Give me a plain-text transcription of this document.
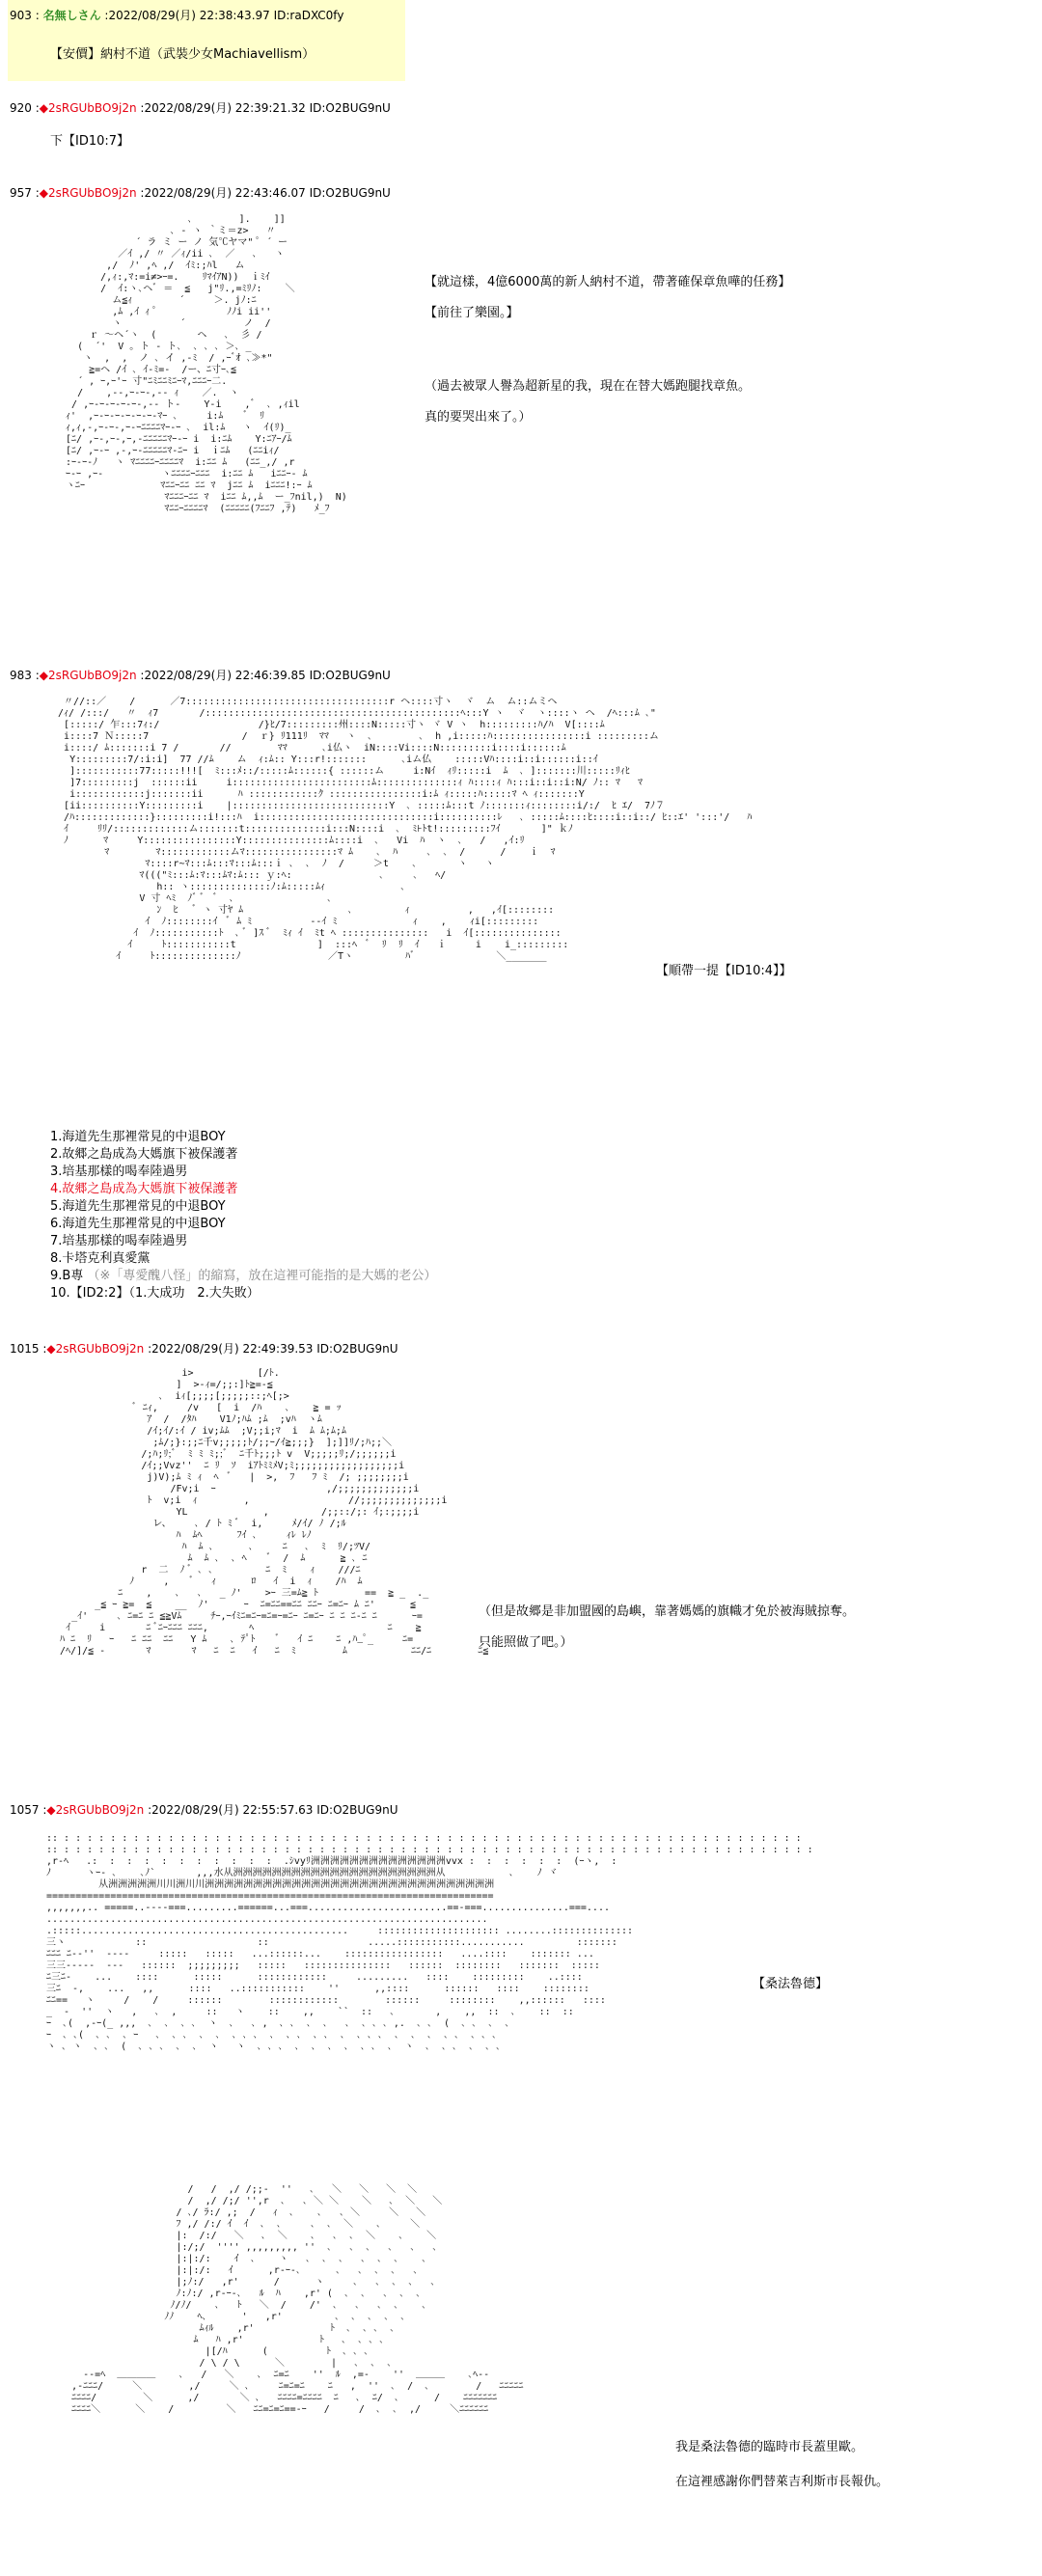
903 : 名無しさん :2022/08/29(月) 22:38:43.97 ID:raDXC0fy
【安價】納村不道（武裝少女Machiavellism）
920 :◆2sRGUbBO9j2n :2022/08/29(月) 22:39:21.32 ID:O2BUG9nU
下【ID10:7】
957 :◆2sRGUbBO9j2n :2022/08/29(月) 22:43:46.07 ID:O2BUG9nU
､        ].    ]]
､ - ヽ ｀ミ＝z>   〃
´ ラ ミ ー ノ 気℃ヤマ" ﾟ ´ ー
／ｲ ,/ 〃 ／ｨ/ii ､  ／   ､   ヽ
,/  ﾉ' ,ﾍ ,/  ｲﾐ:;ﾊl   ム
/,ｨ:,ﾏ:=i≠>ｰ=.    ﾘﾏｲｱN))  ｉﾐｲ
/  ｲ:ヽ､ヘﾞ ＝  ≦   j"ﾘ.,=ﾐﾘﾉ:    ＼
ム≦ｨ        ´     ＞. jﾉ:ﾆ
,ﾑ ,ｲ ｨ ﾟ            ﾉﾉi ii''
ヽ          ´          ノ  /
ｒ ～ヘ´ヽ  (       ヘ   ､  彡 /
(  ´'  V ｡ ト - ト､  ､ ､ ､ ＞､ _
ヽ  ,  ,  ノ ､ イ ,-ﾐ  / ,ｰﾞｵ ､≫*"
≧=ヘ /ｲ ､ ｲ-ﾐ=-  /ー、ﾆ寸ｰ､≦
´ , ｰ,ｰ'ｰ 寸"ﾆﾐﾆﾆﾐﾆｰﾏ,ﾆﾆﾆｰ二.
/    ,--,ｰ-ｰ-,-- ｨ    ／.  ヽ
/ ,ｰ-ｰ-ｰ-ｰ-ｰ-,-- ト-    Y-i    ,ﾞ  ､ ,ｨil
ｨ'  ,ｰ-ｰ-ｰ-ｰ-ｰ-ｰ-ﾏｰ ､     i:ﾑ    ﾞ  ﾘ
ｨ,ｨ,-,ｰ-ｰ-,ｰ-ｰﾆﾆﾆﾆﾏｰ-ｰ ､  il:ﾑ   ヽ  ｲ(ﾘ)_
[ﾆ/ ,ｰ-,ｰ-,ｰ,-ﾆﾆﾆﾆﾆﾏｰ-ｰ i  i:ﾆﾑ    Y:ﾆｱｰ/ﾑ
[ﾆ/ ,ｰ-ｰ ,-,ｰ-ﾆﾆﾆﾆﾆﾏ-ﾆｰ i  ｉﾆﾑ   (ﾆﾆiｨ/
:ｰ-ｰ-ﾉ   ヽ ﾏﾆﾆﾆﾆｰﾆﾆﾆﾆﾏ  i:ﾆﾆ ﾑ   (ﾆﾆ_,/ ,r
ｰ-ｰ ,ｰ-          ヽﾆﾆﾆﾆｰﾆﾆﾆ  i:ﾆﾆ ﾑ   iﾆﾆｰ- ﾑ
ヽﾆｰ             ﾏﾆﾆｰﾆﾆ ﾆﾆ ﾏ  jﾆﾆ ﾑ  iﾆﾆﾆ!:ｰ ﾑ
ﾏﾆﾆﾆｰﾆﾆ ﾏ  iﾆﾆ ﾑ,,ﾑ  ー_ﾌnil,)  N)
ﾏﾆﾆｰﾆﾆﾆﾆﾏ  (ﾆﾆﾆﾆﾆ(ﾌﾆﾆﾌ ,ﾃ)   ﾒ_ﾌ
【就這樣，4億6000萬的新人納村不道，帶著確保章魚嘩的任務】
【前往了樂園。】
（過去被眾人譽為超新星的我，現在在替大媽跑腿找章魚。
真的要哭出來了。）
983 :◆2sRGUbBO9j2n :2022/08/29(月) 22:46:39.85 ID:O2BUG9nU
〃//::／    /      ／7:::::::::::::::::::::::::::::::::::r ヘ::::寸ヽ  ヾ  ム  ム::ムミヘ
/ｨ/ /:::/   〃  ｨ7       /::::::::::::::::::::::::::::::::::::::::::::ﾍ:::Y ヽ  ヾ  ヽ::::ヽ ヘ  /ﾍ:::ﾑ ､"
[:::::/ 乍:::7ｨ:/                 /}ﾋ/7:::::::::州::::N:::::寸ヽ ヾ V ヽ  h:::::::::ﾊ/ﾊ  V[::::ﾑ
i::::7 Ｎ:::::7                /  ｒ} ﾘ111ﾘ  ﾏﾏ   ヽ  ､        ､  h ,i:::::ﾊ::::::::::::::::i :::::::::ム
i::::/ ﾑ:::::::i 7 /       //        ﾏﾏ      ､i仏ヽ  iN::::Vi::::N:::::::::i::::i::::::ﾑ
Y:::::::::7/:i:i]  77 //ﾑ    ム  ｨ:ﾑ:: Y:::r!:::::::      ､iム仏    :::::Vﾊ::::i::i::::::i::ｲ
]:::::::::::77:::::!!![  ﾐ:::ﾒ::/:::::ﾑ::::::{ ::::::ム     i:Nｲ  ｨﾘ:::::i  ﾑ  ､ ]:::::::川:::::ﾘｨﾋ
]7:::::::::j  ::::::ii     i::::::::::::::::::::::::ﾑ::::::::::::::ｨ ﾊ::::ｨ ﾊ:::i::i::i:N/ ﾉ:: ﾏ   ﾏ
i::::::::::::j:::::::ii      ﾊ ::::::::::::ｸ ::::::::::::::::i:ﾑ ｨ:::::ﾊ:::::ﾏ ﾍ ｨ:::::::Y
[ii::::::::::Y:::::::::i    |:::::::::::::::::::::::::::Y  ､ :::::ﾑ:::t ﾉ:::::::ｨ::::::::i/:/  ﾋ ｴ/  7ﾉ７
/ﾊ:::::::::::::}:::::::::i!:::ﾊ  i::::::::::::::::::::::::::::::i::::::::::ﾚ   ､ :::::ﾑ::::ﾋ::::i::i::/ ﾋ::ｴ' ':::'/   ﾊ
ｲ     ﾘﾘ/:::::::::::::ム:::::::t::::::::::::::i:::N::::i  ､  ﾐ⊦ﾄt!:::::::::ﾌｲ       ]" ｋﾉ
ﾉ      ﾏ     Y::::::::::::::::Y:::::::::::::::ﾑ::::i  ､   Vi  ﾊ  ヽ  ､   /   ,ｲ:ﾘ
ﾏ        ﾏ::::::::::::ムﾏ::::::::::::::::ﾏ ﾑ    ､  ﾊ     ､  ､  /      /    ｉ  ﾏ
ﾏ::::r~ﾏ:::ﾑ:::ﾏ:::ﾑ:::ｉ ､  ､  ﾉ  /     ＞t    ､       ヽ   ヽ
ﾏ((("ﾐ:::ﾑ:ﾏ:::ﾑﾏ:ﾑ::: ｙ:ﾍ:               ､     ､   ﾍ/
h:: ヽ::::::::::::::ﾉ:ﾑ:::::ﾑｨ             ､
V 寸 ﾍﾐ  ﾉﾞ ﾞ  ﾞ  ､                ､
ﾝ  ﾋ   ﾞ ヽ 寸ﾔ ﾑ                  ､         ｨ          ,   ,ｲ[::::::::
ｲ  ﾉ::::::::ｲ  ﾞ ﾑ ﾐ          --ｲ ﾐ             ｨ    ,    ｨi[:::::::::
ｲ  ﾉ:::::::::::ﾄ  ､ ﾞ ]ｽ ﾞ  ﾐｨ ｲ  ﾐt ﾍ :::::::::::::::   i  ｲ[:::::::::::::::
ｲ     ﾄ:::::::::::t              ]  :::ﾍ  ﾞ  ﾘ  ﾘ  ｲ   ｉ     i    i_:::::::::
ｲ     ﾄ::::::::::::::ﾉ               ／Tヽ         ﾊﾞ              ＼_______
【順帶一提【ID10:4】】
1.海道先生那裡常見的中退BOY
2.故郷之島成為大媽旗下被保護著
3.培基那樣的喝奉陸過男
4.故郷之島成為大媽旗下被保護著
5.海道先生那裡常見的中退BOY
6.海道先生那裡常見的中退BOY
7.培基那樣的喝奉陸過男
8.卡塔克利真愛黨
9.B專 （※「專愛醜八怪」的縮寫，放在這裡可能指的是大媽的老公）
10.【ID2:2】（1.大成功　2.大失敗）
1015 :◆2sRGUbBO9j2n :2022/08/29(月) 22:49:39.53 ID:O2BUG9nU
i>           [/ﾄ.
]  >-ｨ=/;;:]ﾄ≧=-≦
､  iｨ[;;;;[;;;;;::;ﾍ[;>
ﾞ ﾆｨ,     /v   [  i  /ﾊ    ､    ≧ = ｯ
ｱ  /  /ﾀﾊ    V1ﾉ;ﾊﾑ ;ﾑ  ;vﾊ  ヽﾑ
/ｲ;ｲ/:ｲ / iv;ﾑﾑ  ;V;;i;ﾏ  i  ﾑ ﾑ;ﾑ;ﾑ
;ﾑ/;}:;;ﾆ千v;;;;;ﾄ/;;ｰ/ｲ≧;;;}  ];]]ﾘ/;ﾊ;;＼
/;ﾊ;ﾘ;ﾞ  ﾐ ﾐ ﾐ;;ﾞ  ﾆ千ﾄ;;;ﾄ v  V;;;;;ﾘ;/;;;;;;i
/ｲ;;Vvz''  ﾆ ﾘ  ｿ  iｱﾄﾐﾐﾒV;ﾐ;;;;;;;;;;;;;;;;;;i
j)V);ﾑ ﾐ ｨ  ﾍ  ﾞ   |  >,  ﾌ   ﾌ ﾐ  /; ;;;;;;;;i
/Fv;i  ｰ                   ,/;;;;;;;;;;;;;i
ﾄ  v;i  ｨ        ,                 //;;;;;;;;;;;;;;i
YL             ,         /;;::/;: ｲ;:;;;;i
レ、    ､ / ﾄ ﾐ ﾞ  i,     ﾒ/ｲ/ ﾉ /;ﾙ
ﾊ  ﾑﾍ      ﾌｲ ､     ｨﾚ ﾚﾉ
ﾊ  ﾑ ､      ､     ﾆ   ､  ﾐ  ﾘ/;ﾂV/
ﾑ  ﾑ ､  ､ ﾍ    ﾞ  /  ﾑ      ≧ ､ ﾆ
r  二  ﾉ ﾞ ､ ､         ﾆ  ﾐ    ｨ    ///ﾆ
ﾉ     ,    ﾞ   ｨ      ﾛ   ｲ  i  ｨ    /ﾊ  ﾑ
ﾆ    ,    ､   ､   _ ﾉ'    >ｰ 三=ﾑ≧ ﾄ        ==  ≧ _  ._
_≦ ｰ ≧=  ≦    __  ﾉ'      ｰ  ﾆ=ﾆﾆ==ﾆﾆ ﾆﾆｰ ﾆ=ﾆｰ ﾑ ﾆ'      ≦
_ｲ'     ､ ﾆ=ﾆ ﾆ ≦≧Vﾑ     ﾁｰ,ｰｲﾐﾆ=ﾆｰ=ﾆ=ｰ=ﾆｰ ﾆ=ﾆｰ ﾆ ﾆ ﾆ-ﾆ ﾆ      ｰ=
ｲ     i       ﾆ ﾞﾆｰﾆﾆﾆ ﾆﾆﾆ,       ﾍ                       ﾆ    ≧
ﾊ ﾆ  ﾘ   ｰ   ﾆ ﾆﾆ  ﾆﾆ   Y ﾑ    ､ ﾃﾟﾄ    ﾞ   ｲ ﾆ    ﾆ ,ﾊ_ﾟ_     ﾆ=
/ﾍ/]/≦ -       ﾏ       ﾏ   ﾆ  ﾆ   ｲ   ﾆ  ﾐ        ﾑ           ﾆﾆ/ﾆ        ﾆ≦
（但是故郷是非加盟國的島嶼，靠著媽媽的旗幟才免於被海賊掠奪。
只能照做了吧。）
1057 :◆2sRGUbBO9j2n :2022/08/29(月) 22:55:57.63 ID:O2BUG9nU
:: : : : : : : : : : : : : : : : : : : : : : : : : : : : : : : : : : : : : : : : : : : : : : : : : : : : : : : : : : : : : : : : :
:: : : : : : : : : : : : : : : : : : : : : : : : : : : : : : : : : : : : : : : : : : : : : : : : : : : : : : : : : : : : : : : : : :
,r‐ﾍ   .:  :  :  :  :  :  :  :  :  :  :  .ｼvyﾘ洲洲洲洲洲洲洲洲洲洲洲洲洲洲vvx :  :  :  :  :  :  (ｰヽ,  :
ﾉ      ヽｰ- ､    ､ﾉ`       ,,,水从洲洲洲洲洲洲洲洲洲洲洲洲洲洲洲洲洲洲洲洲洲从           ､    ﾉ ヾ
从洲洲洲洲洲川川洲川川洲洲洲洲洲洲洲洲洲洲洲洲洲洲洲洲洲洲洲洲洲洲洲洲洲洲洲洲洲洲
=============================================================================
,,,,,,,.. =====..----===.........======...===........................==-===...............===....
............................................................................
.:::::..............................................     ::::::::::::::::::::: ........::::::::::::::
三ヽ            ::                   ::                 .....:::::::::::...........         :::::::
ﾆﾆﾆ ﾆ--''  ----     :::::   :::::   ...::::::...    :::::::::::::::::   ....::::    ::::::: ...
三三-----  ---   ::::::  ;;;;;;;;;   :::::   :::::::::::::::   ::::::  ::::::::   :::::::  :::::
ﾆ三ﾆ-    ...    ::::      :::::      ::::::::::::     .........   ::::    :::::::::    ..::::
三ﾆ  -,    ...   ,,      ::::   ..:::::::::::    ''      ,,::::      ::::::   ::::    ::::::::
ﾆﾆ==   ヽ     /    /     ::::::        ::::::::::::        ::::::     ::::::::    ,,::::::   ::::
_  -  ''  ヽ   ,   ､  ,     ::   ヽ    ::    ,,    ``  ::   ､       ,    ,,  ::  ､    ::  ::
ｰ  ､(  ,-ｰ(_ ,,,  ､  ､  ､ ､  ヽ  ､   ､ ,  ､ ､  ､  ､   ､  ､ ､ ､ ,.  ､ ､  (  ､ ､  ､  ､
ｰ  ､ ､(  ､ ､  ､ ｰ   ､  ､ ､  ､  ､  ､ ､ ､  ､  ､ ､  ､ ､  ､  ､ ､ ､  ､  ､  ､  ､ ､  ､ ､ ､
ヽ ､ ヽ  ､ ､  (  ､ ､ ､  ､  ､  ヽ   ヽ  ､ ､ ､  ､  ､  ､  ､  ､ ､  ､  ヽ  ､  ､ ､  ､  ､ ､
【桑法魯德】
/   /  ,/ /;;-  ''   ､   ＼   ＼   ＼  ＼
/  ,/ /;/ '',r  ､   ､ ＼ ＼    ＼   ､  ＼   ＼
/ ､/ ﾗ:/ ,;  /   ｨ  ､    ､   ､ ＼     ＼   ＼
ﾌ ,/ /:/ ｲ  ｲ  ､  ､     ､  ､  ＼    ､     ＼
|:  /:/   ＼   ､  ＼    ､   ､  ､  ＼    ､    ＼
|:/;/  '''' ,,,,,,,,, ''  ､   ､  ､   ､   ､   ､
|:|:/:    ｲ  ､    ヽ   ､  ､  ､   ､  ､  ､    ､
|:|:/:   ｲ      ,r-ｰ-､      ､   ､  ､  ､   ､
|;ﾉ:/   ,r'      /      ヽ     ､   ､  ､  ､   ､
ﾉ:ﾉ:/ ,r-ｰ-､   ﾙ  ﾊ    ,r' (  ､  ､   ､  ､  ､
ﾉ/ﾉ/    ､   ﾄ   ＼  /    /'  ､   ､   ､  ､    ､
ﾉﾉ    ﾍ､      '   ,r'         ､  ､  ､  ､  ､
ﾑｨﾙ    ,r'             ﾄ  ､  ､ ､  ､
ﾑ   ﾊ ,r'             ﾄ   ､  ､ ､ ､
|[/ﾊ      (          ﾄ  ､ ､ ､
/ \ / \      ＼        |   ､  ､  ､
--=ﾍ  ＿＿＿＿    ､   /   ＼    ､  ﾆ=ﾆ    ''  ﾙ  ,=-    ''  ＿＿＿    ､ﾍ--
,-ﾆﾆﾆ/     ＼        ,/     ＼ ､     ﾆ=ﾆ=ﾆ    ﾆ   ,  ''  ､  /  ､        /   ﾆﾆﾆﾆﾆ
ﾆﾆﾆﾆ/        ＼      ,/       ＼ ､   ﾆﾆﾆﾆ=ﾆﾆﾆﾆ  ﾆ   ､  ﾆ/  ､      /    ﾆﾆﾆﾆﾆﾆﾆ
ﾆﾆﾆﾆ＼      ＼    /         ＼   ﾆﾆ=ﾆ=ﾆ==-ｰ   /     /  ､  ､  ,/     ＼ﾆﾆﾆﾆﾆﾆ
我是桑法魯德的臨時市長蓋里歐。
在這裡感謝你們替萊吉利斯市長報仇。
